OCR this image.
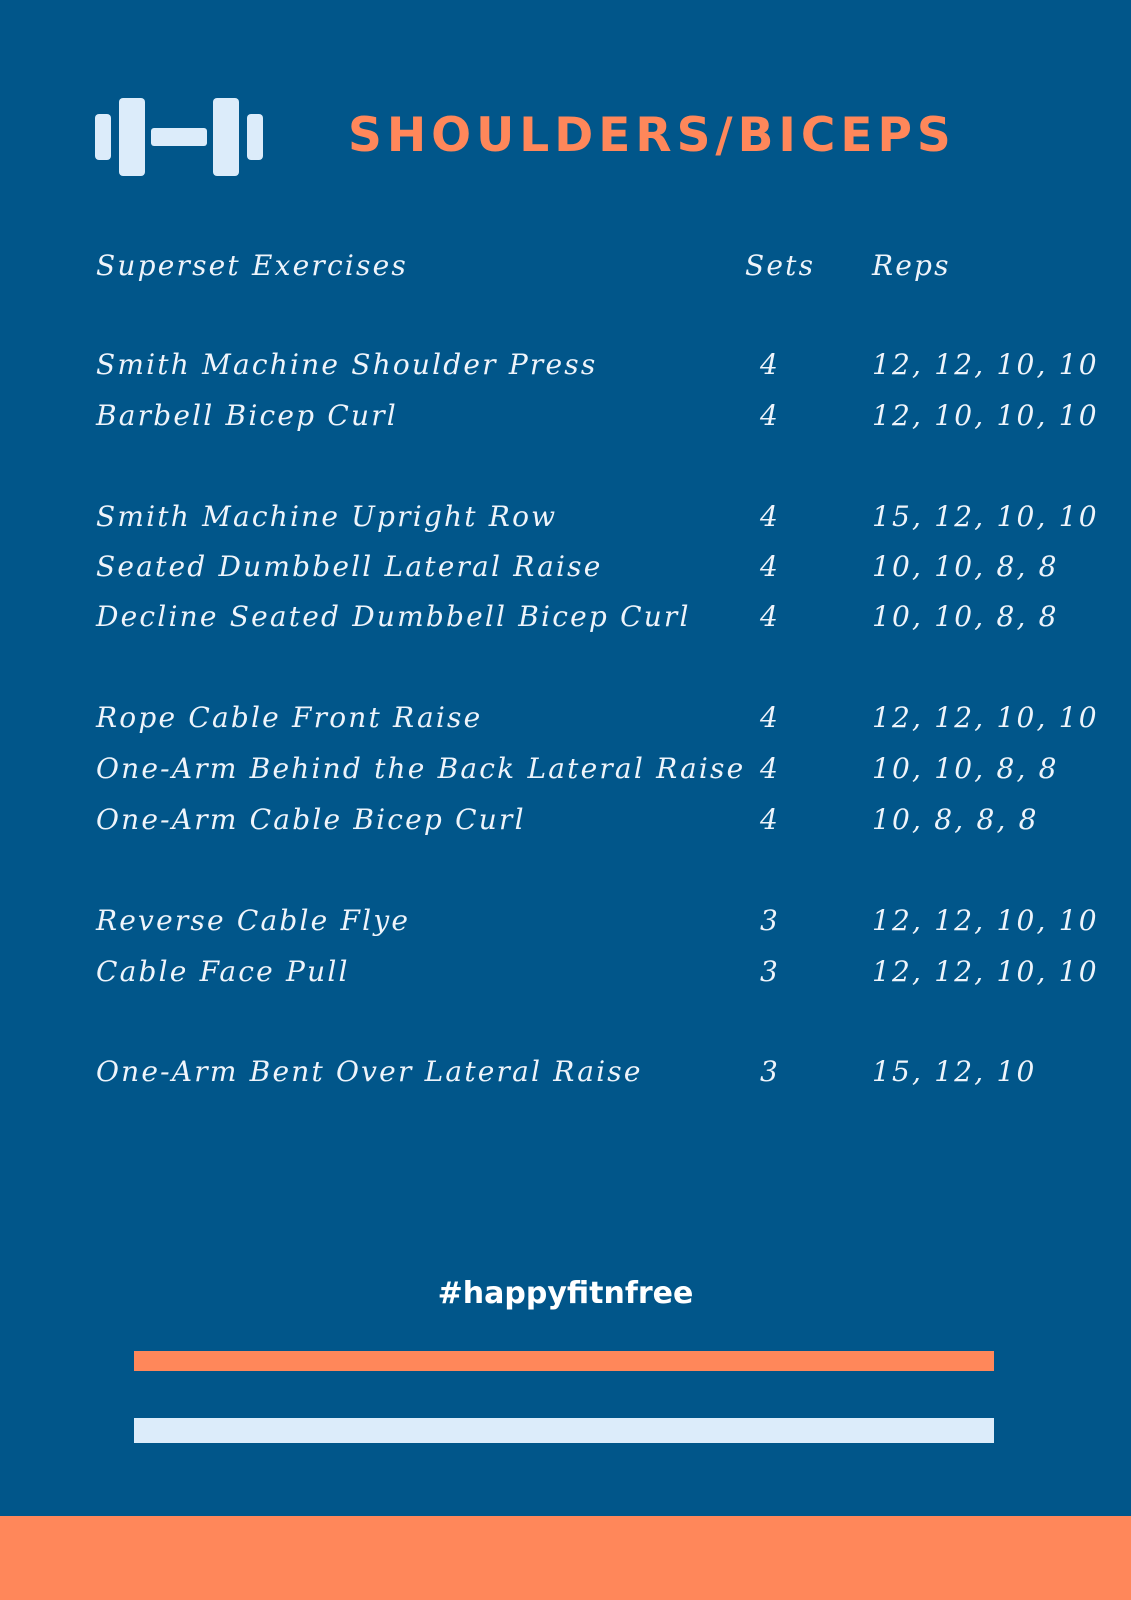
SHOULDERS/BICEPS
Superset Exercises	Sets Reps
Smith Machine Shoulder Press	4	12, 12, 10, 10
Barbell Bicep Curl	4	12, 10, 10, 10
Smith Machine Upright Row	4	15, 12, 10, 10
Seated Dumbbell Lateral Raise	4	10, 10, 8, 8
Decline Seated Dumbbell Bicep Curl 4	10, 10, 8, 8
Rope Cable Front Raise	4	12, 12, 10, 10
One-Arm Behind the Back Lateral Raise 4	10, 10, 8, 8
One-Arm Cable Bicep Curl	4	10, 8, 8, 8
Reverse Cable Flye	3	12, 12, 10, 10
Cable Face Pull	3	12, 12, 10, 10
One-Arm Bent Over Lateral Raise	3	15, 12, 10
#happyfitnfree
